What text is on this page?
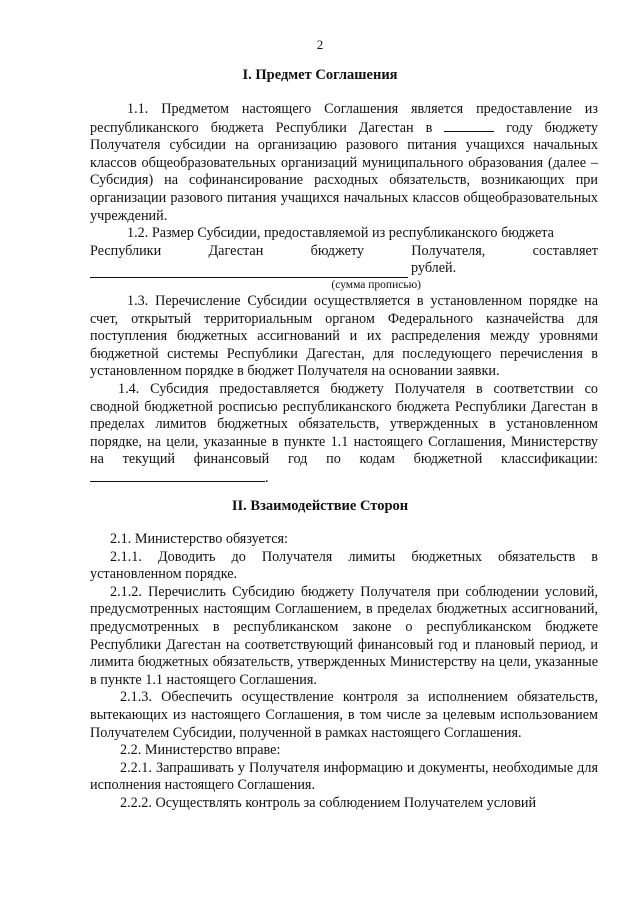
2
I. Предмет Соглашения

1.1. Предметом настоящего Соглашения является предоставление из республиканского бюджета Республики Дагестан в	году бюджету Получателя субсидии на организацию разового питания учащихся начальных классов общеобразовательных организаций муниципального образования (далее – Субсидия) на софинансирование расходных обязательств, возникающих при организации разового питания учащихся начальных классов общеобразовательных учреждений.

1.2. Размер Субсидии, предоставляемой из республиканского бюджета

Республики	Дагестан	бюджету	Получателя,	составляет
рублей.
(сумма прописью)

1.3. Перечисление Субсидии осуществляется в установленном порядке на счет, открытый территориальным органом Федерального казначейства для поступления бюджетных ассигнований и их распределения между уровнями бюджетной системы Республики Дагестан, для последующего перечисления в установленном порядке в бюджет Получателя на основании заявки.

1.4. Субсидия предоставляется бюджету Получателя в соответствии со сводной бюджетной росписью республиканского бюджета Республики Дагестан в пределах лимитов бюджетных обязательств, утвержденных в установленном порядке, на цели, указанные в пункте 1.1 настоящего Соглашения, Министерству на текущий финансовый год по кодам бюджетной классификации: .

II. Взаимодействие Сторон

2.1. Министерство обязуется:

2.1.1. Доводить до Получателя лимиты бюджетных обязательств в установленном порядке.

2.1.2. Перечислить Субсидию бюджету Получателя при соблюдении условий, предусмотренных настоящим Соглашением, в пределах бюджетных ассигнований, предусмотренных в республиканском законе о республиканском бюджете Республики Дагестан на соответствующий финансовый год и плановый период, и лимита бюджетных обязательств, утвержденных Министерству на цели, указанные в пункте 1.1 настоящего Соглашения.

2.1.3. Обеспечить осуществление контроля за исполнением обязательств, вытекающих из настоящего Соглашения, в том числе за целевым использованием Получателем Субсидии, полученной в рамках настоящего Соглашения.

2.2. Министерство вправе:

2.2.1. Запрашивать у Получателя информацию и документы, необходимые для исполнения настоящего Соглашения.

2.2.2. Осуществлять контроль за соблюдением Получателем условий
